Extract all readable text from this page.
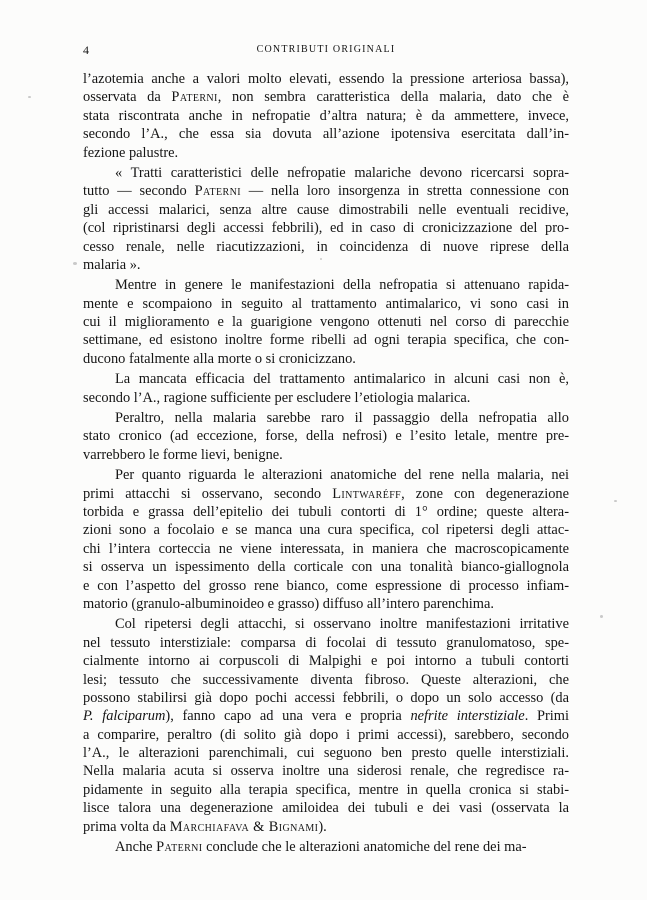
4	CONTRIBUTI ORIGINALI
l’azotemia anche a valori molto elevati, essendo la pressione arteriosa bassa),
osservata da Paterni, non sembra caratteristica della malaria, dato che è
stata riscontrata anche in nefropatie d’altra natura; è da ammettere, invece,
secondo l’A., che essa sia dovuta all’azione ipotensiva esercitata dall’in-
fezione palustre.
« Tratti caratteristici delle nefropatie malariche devono ricercarsi sopra-
tutto — secondo Paterni — nella loro insorgenza in stretta connessione con
gli accessi malarici, senza altre cause dimostrabili nelle eventuali recidive,
(col ripristinarsi degli accessi febbrili), ed in caso di cronicizzazione del pro-
cesso renale, nelle riacutizzazioni, in coincidenza di nuove riprese della
malaria ».
Mentre in genere le manifestazioni della nefropatia si attenuano rapida-
mente e scompaiono in seguito al trattamento antimalarico, vi sono casi in
cui il miglioramento e la guarigione vengono ottenuti nel corso di parecchie
settimane, ed esistono inoltre forme ribelli ad ogni terapia specifica, che con-
ducono fatalmente alla morte o si cronicizzano.
La mancata efficacia del trattamento antimalarico in alcuni casi non è,
secondo l’A., ragione sufficiente per escludere l’etiologia malarica.
Peraltro, nella malaria sarebbe raro il passaggio della nefropatia allo
stato cronico (ad eccezione, forse, della nefrosi) e l’esito letale, mentre pre-
varrebbero le forme lievi, benigne.
Per quanto riguarda le alterazioni anatomiche del rene nella malaria, nei
primi attacchi si osservano, secondo Lintwaréff, zone con degenerazione
torbida e grassa dell’epitelio dei tubuli contorti di 1° ordine; queste altera-
zioni sono a focolaio e se manca una cura specifica, col ripetersi degli attac-
chi l’intera corteccia ne viene interessata, in maniera che macroscopicamente
si osserva un ispessimento della corticale con una tonalità bianco-giallognola
e con l’aspetto del grosso rene bianco, come espressione di processo infiam-
matorio (granulo-albuminoideo e grasso) diffuso all’intero parenchima.
Col ripetersi degli attacchi, si osservano inoltre manifestazioni irritative
nel tessuto interstiziale: comparsa di focolai di tessuto granulomatoso, spe-
cialmente intorno ai corpuscoli di Malpighi e poi intorno a tubuli contorti
lesi; tessuto che successivamente diventa fibroso. Queste alterazioni, che
possono stabilirsi già dopo pochi accessi febbrili, o dopo un solo accesso (da
P. falciparum), fanno capo ad una vera e propria nefrite interstiziale. Primi
a comparire, peraltro (di solito già dopo i primi accessi), sarebbero, secondo
l’A., le alterazioni parenchimali, cui seguono ben presto quelle interstiziali.
Nella malaria acuta si osserva inoltre una siderosi renale, che regredisce ra-
pidamente in seguito alla terapia specifica, mentre in quella cronica si stabi-
lisce talora una degenerazione amiloidea dei tubuli e dei vasi (osservata la
prima volta da Marchiafava & Bignami).
Anche Paterni conclude che le alterazioni anatomiche del rene dei ma-
